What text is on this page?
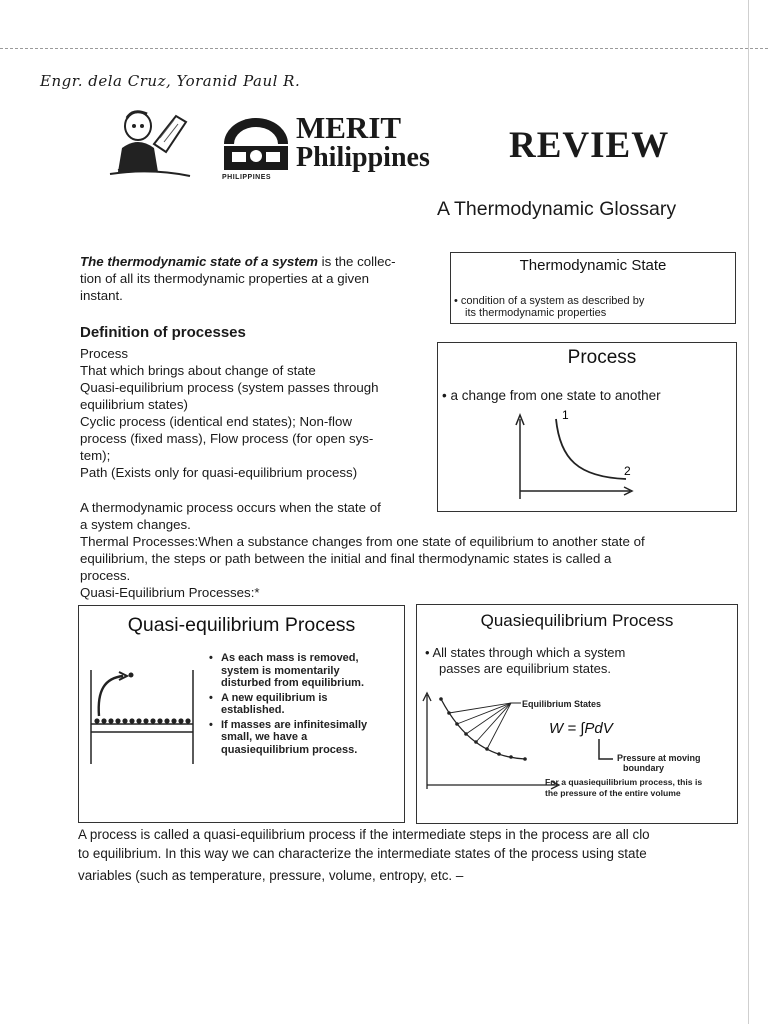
Engr. dela Cruz, Yoranid Paul R.
PHILIPPINES
MERIT
Philippines REVIEW
A Thermodynamic Glossary
The thermodynamic state of a system is the collec-
tion of all its thermodynamic properties at a given
instant.
Thermodynamic State
• condition of a system as described by
its thermodynamic properties
Definition of processes
Process
That which brings about change of state
Quasi-equilibrium process (system passes through
equilibrium states)
Cyclic process (identical end states); Non-flow
process (fixed mass), Flow process (for open sys-
tem);
Path (Exists only for quasi-equilibrium process)
Process
• a change from one state to another
1
2
A thermodynamic process occurs when the state of
a system changes.
Thermal Processes:When a substance changes from one state of equilibrium to another state of
equilibrium, the steps or path between the initial and final thermodynamic states is called a
process.
Quasi-Equilibrium Processes:*
Quasi-equilibrium Process
• As each mass is removed,
system is momentarily
disturbed from equilibrium.
• A new equilibrium is
established.
• If masses are infinitesimally
small, we have a
quasiequilibrium process.
Quasiequilibrium Process
• All states through which a system
passes are equilibrium states.
Equilibrium States
W = ∫PdV
Pressure at moving
boundary
For a quasiequilibrium process, this is
the pressure of the entire volume
A process is called a quasi-equilibrium process if the intermediate steps in the process are all clo
to equilibrium. In this way we can characterize the intermediate states of the process using state
variables (such as temperature, pressure, volume, entropy, etc. –
